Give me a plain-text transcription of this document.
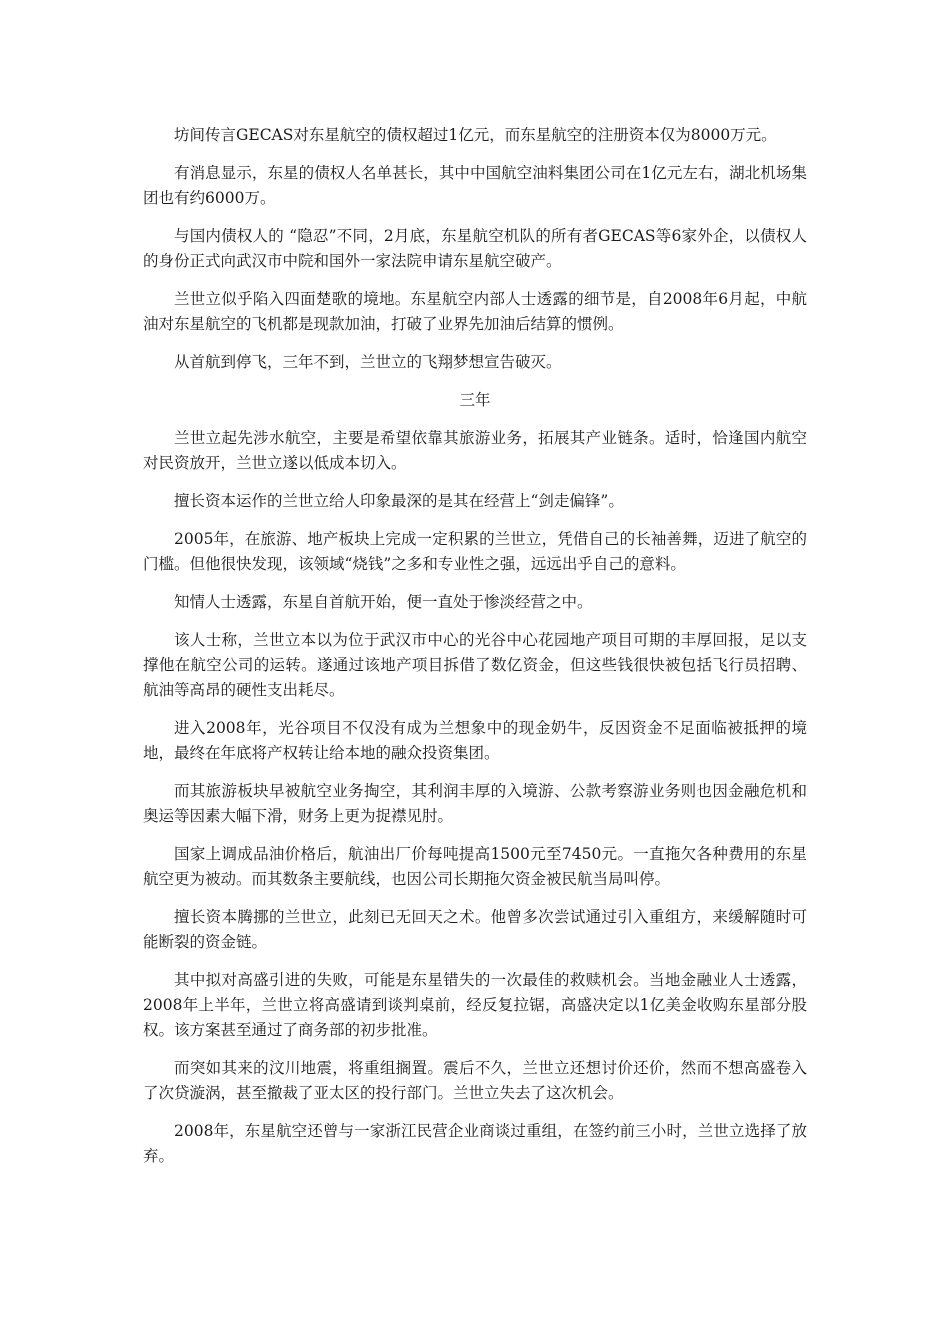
坊间传言GECAS对东星航空的债权超过1亿元，而东星航空的注册资本仅为8000万元。

有消息显示，东星的债权人名单甚长，其中中国航空油料集团公司在1亿元左右，湖北机场集团也有约6000万。

与国内债权人的 “隐忍”不同，2月底，东星航空机队的所有者GECAS等6家外企，以债权人的身份正式向武汉市中院和国外一家法院申请东星航空破产。

兰世立似乎陷入四面楚歌的境地。东星航空内部人士透露的细节是，自2008年6月起，中航油对东星航空的飞机都是现款加油，打破了业界先加油后结算的惯例。

从首航到停飞，三年不到，兰世立的飞翔梦想宣告破灭。

三年

兰世立起先涉水航空，主要是希望依靠其旅游业务，拓展其产业链条。适时，恰逢国内航空对民资放开，兰世立遂以低成本切入。

擅长资本运作的兰世立给人印象最深的是其在经营上“剑走偏锋”。

2005年，在旅游、地产板块上完成一定积累的兰世立，凭借自己的长袖善舞，迈进了航空的门槛。但他很快发现，该领域“烧钱”之多和专业性之强，远远出乎自己的意料。

知情人士透露，东星自首航开始，便一直处于惨淡经营之中。

该人士称，兰世立本以为位于武汉市中心的光谷中心花园地产项目可期的丰厚回报，足以支撑他在航空公司的运转。遂通过该地产项目拆借了数亿资金，但这些钱很快被包括飞行员招聘、航油等高昂的硬性支出耗尽。

进入2008年，光谷项目不仅没有成为兰想象中的现金奶牛，反因资金不足面临被抵押的境地，最终在年底将产权转让给本地的融众投资集团。

而其旅游板块早被航空业务掏空，其利润丰厚的入境游、公款考察游业务则也因金融危机和奥运等因素大幅下滑，财务上更为捉襟见肘。

国家上调成品油价格后，航油出厂价每吨提高1500元至7450元。一直拖欠各种费用的东星航空更为被动。而其数条主要航线，也因公司长期拖欠资金被民航当局叫停。

擅长资本腾挪的兰世立，此刻已无回天之术。他曾多次尝试通过引入重组方，来缓解随时可能断裂的资金链。

其中拟对高盛引进的失败，可能是东星错失的一次最佳的救赎机会。当地金融业人士透露，2008年上半年，兰世立将高盛请到谈判桌前，经反复拉锯，高盛决定以1亿美金收购东星部分股权。该方案甚至通过了商务部的初步批准。

而突如其来的汶川地震，将重组搁置。震后不久，兰世立还想讨价还价，然而不想高盛卷入了次贷漩涡，甚至撤裁了亚太区的投行部门。兰世立失去了这次机会。

2008年，东星航空还曾与一家浙江民营企业商谈过重组，在签约前三小时，兰世立选择了放弃。
